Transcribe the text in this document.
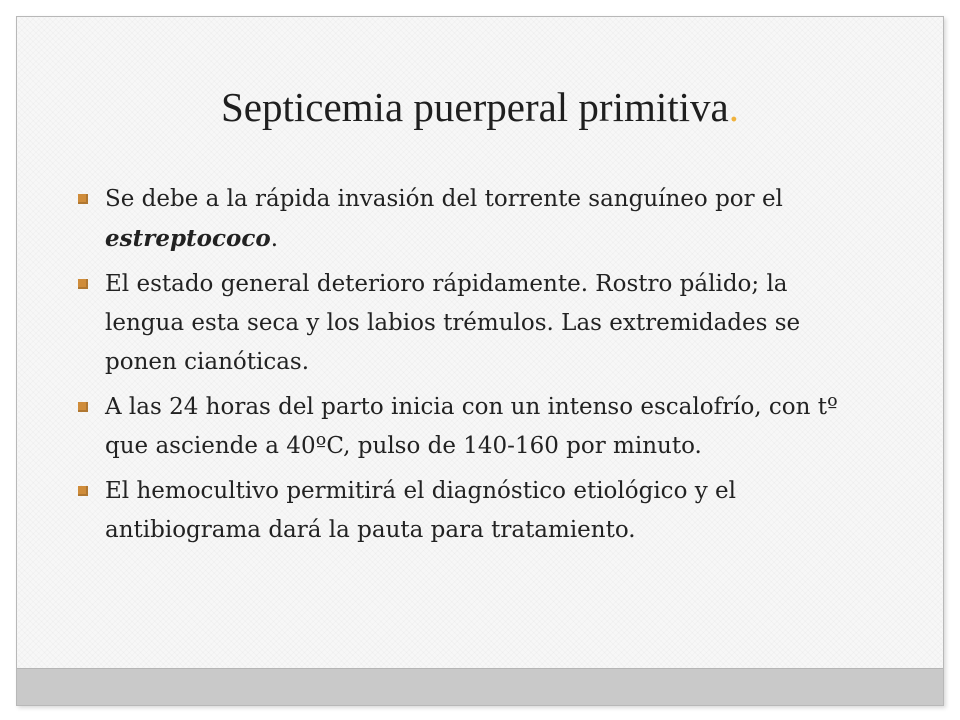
Septicemia puerperal primitiva.
Se debe a la rápida invasión del torrente sanguíneo por el estreptococo.
El estado general deterioro rápidamente. Rostro pálido; la lengua esta seca y los labios trémulos. Las extremidades se ponen cianóticas.
A las 24 horas del parto inicia con un intenso escalofrío, con tº que asciende a 40ºC, pulso de 140-160 por minuto.
El hemocultivo permitirá el diagnóstico etiológico y el antibiograma dará la pauta para tratamiento.
